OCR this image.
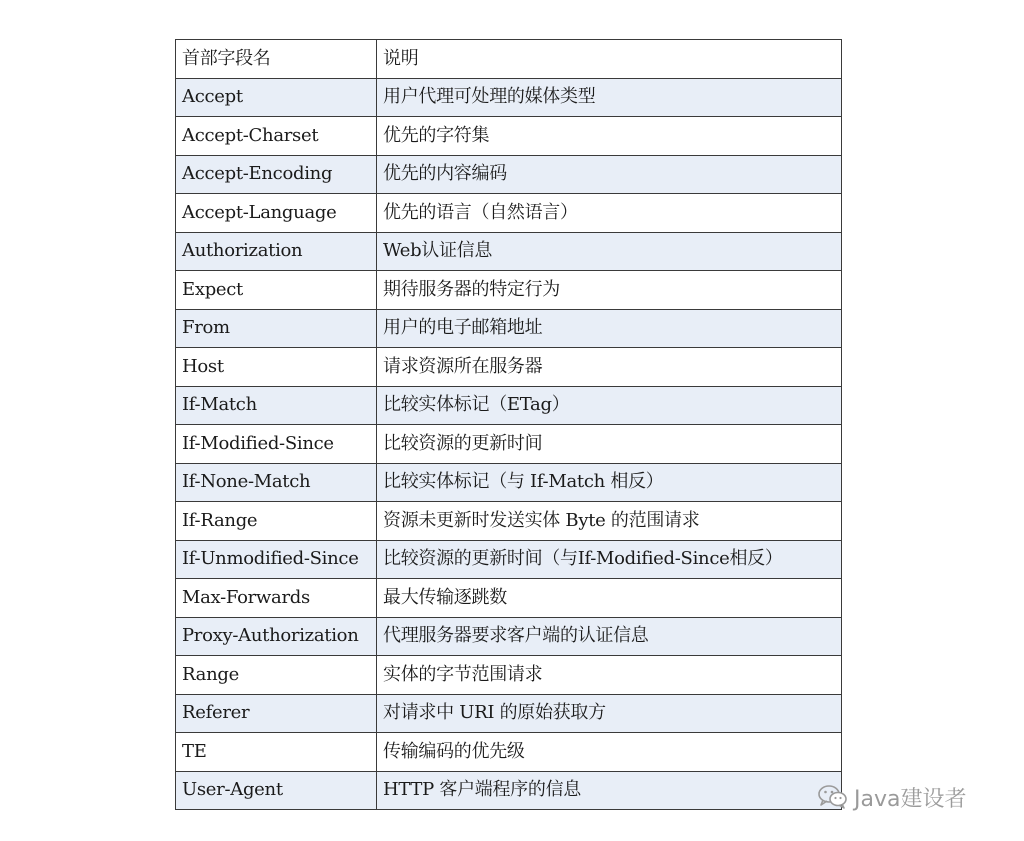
首部字段名	说明
Accept	用户代理可处理的媒体类型
Accept-Charset	优先的字符集
Accept-Encoding	优先的内容编码
Accept-Language	优先的语言（自然语言）
Authorization	Web认证信息
Expect	期待服务器的特定行为
From	用户的电子邮箱地址
Host	请求资源所在服务器
If-Match	比较实体标记（ETag）
If-Modified-Since	比较资源的更新时间
If-None-Match	比较实体标记（与 If-Match 相反）
If-Range	资源未更新时发送实体 Byte 的范围请求
If-Unmodified-Since	比较资源的更新时间（与If-Modified-Since相反）
Max-Forwards	最大传输逐跳数
Proxy-Authorization	代理服务器要求客户端的认证信息
Range	实体的字节范围请求
Referer	对请求中 URI 的原始获取方
TE	传输编码的优先级
User-Agent	HTTP 客户端程序的信息	Java建设者
